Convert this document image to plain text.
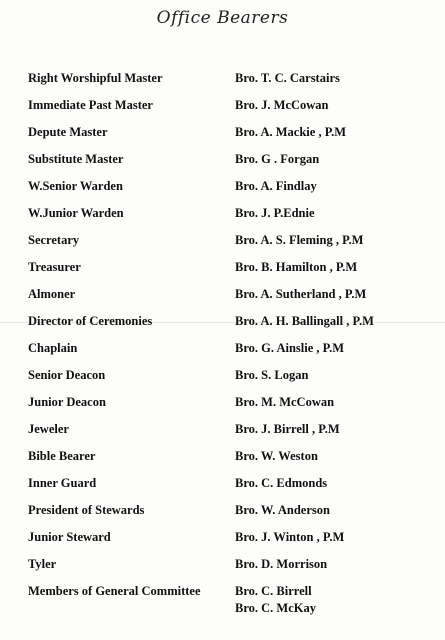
Office Bearers
Right Worshipful Master	Bro. T. C. Carstairs
Immediate Past Master	Bro. J. McCowan
Depute Master	Bro. A. Mackie , P.M
Substitute Master	Bro. G . Forgan
W.Senior Warden	Bro. A. Findlay
W.Junior Warden	Bro. J. P.Ednie
Secretary	Bro. A. S. Fleming , P.M
Treasurer	Bro. B. Hamilton , P.M
Almoner	Bro. A. Sutherland , P.M
Director of Ceremonies	Bro. A. H. Ballingall , P.M
Chaplain	Bro. G. Ainslie , P.M
Senior Deacon	Bro. S. Logan
Junior Deacon	Bro. M. McCowan
Jeweler	Bro. J. Birrell , P.M
Bible Bearer	Bro. W. Weston
Inner Guard	Bro. C. Edmonds
President of Stewards	Bro. W. Anderson
Junior Steward	Bro. J. Winton , P.M
Tyler	Bro. D. Morrison
Members of General Committee	Bro. C. Birrell
Bro. C. McKay
